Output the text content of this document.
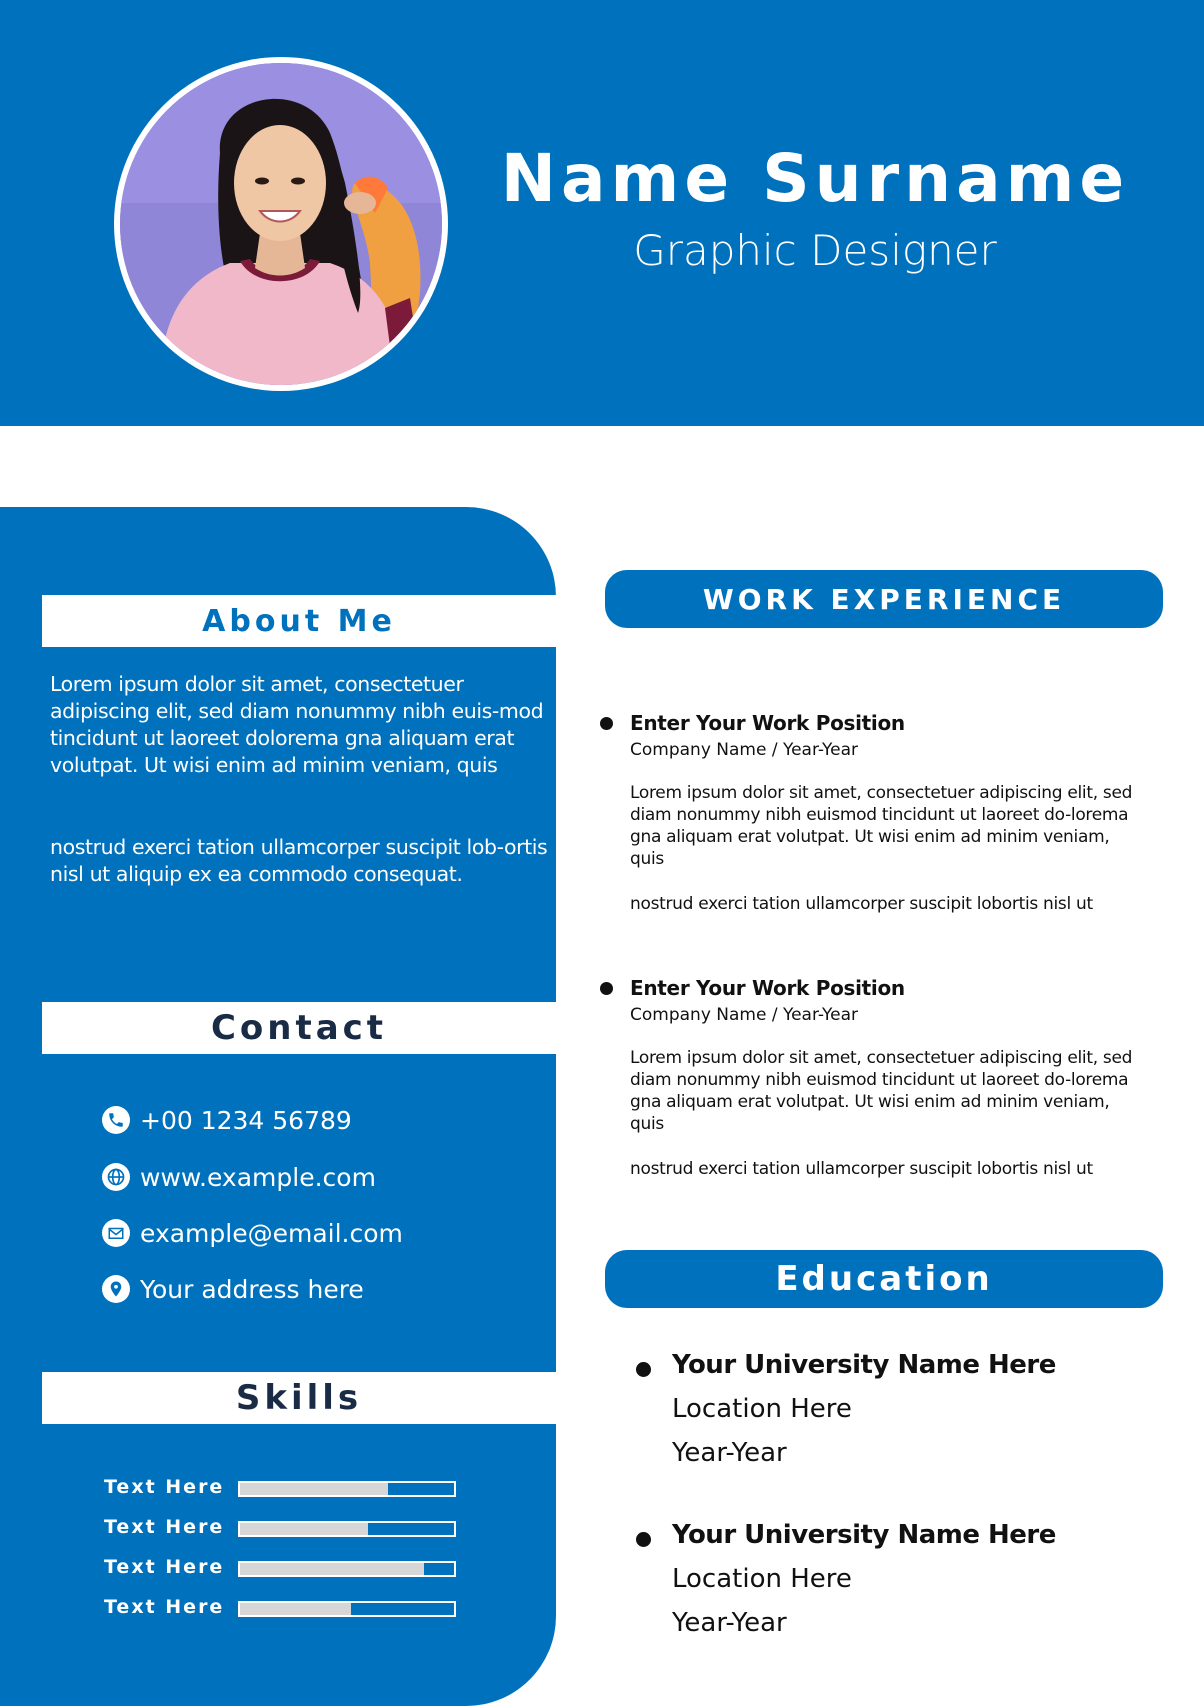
Name Surname
Graphic Designer
About Me
Lorem ipsum dolor sit amet, consectetuer adipiscing elit, sed diam nonummy nibh euis-mod tincidunt ut laoreet dolorema gna aliquam erat volutpat. Ut wisi enim ad minim veniam, quis
nostrud exerci tation ullamcorper suscipit lob-ortis nisl ut aliquip ex ea commodo consequat.
Contact
+00 1234 56789
www.example.com
example@email.com
Your address here
Skills
Text Here
Text Here
Text Here
Text Here
WORK EXPERIENCE
Enter Your Work Position
Company Name / Year-Year
Lorem ipsum dolor sit amet, consectetuer adipiscing elit, sed diam nonummy nibh euismod tincidunt ut laoreet do-lorema gna aliquam erat volutpat. Ut wisi enim ad minim veniam, quis
nostrud exerci tation ullamcorper suscipit lobortis nisl ut
Enter Your Work Position
Company Name / Year-Year
Lorem ipsum dolor sit amet, consectetuer adipiscing elit, sed diam nonummy nibh euismod tincidunt ut laoreet do-lorema gna aliquam erat volutpat. Ut wisi enim ad minim veniam, quis
nostrud exerci tation ullamcorper suscipit lobortis nisl ut
Education
Your University Name Here
Location Here
Year-Year
Your University Name Here
Location Here
Year-Year
